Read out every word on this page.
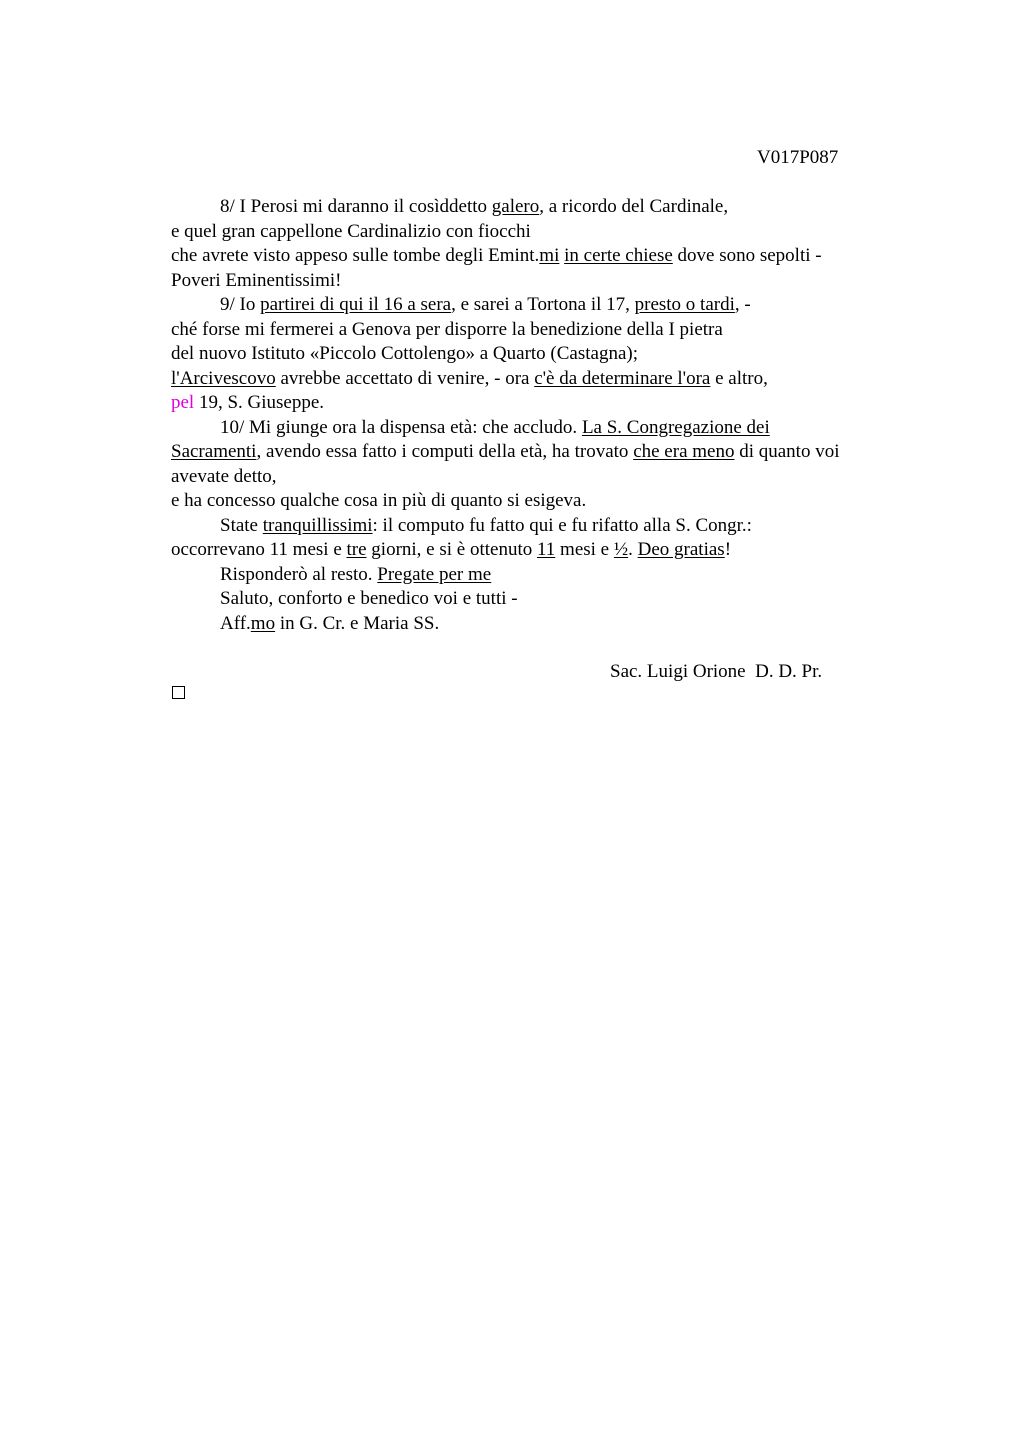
V017P087
8/ I Perosi mi daranno il cosìddetto galero, a ricordo del Cardinale,
e quel gran cappellone Cardinalizio con fiocchi
che avrete visto appeso sulle tombe degli Emint.mi in certe chiese dove sono sepolti -
Poveri Eminentissimi!
9/ Io partirei di qui il 16 a sera, e sarei a Tortona il 17, presto o tardi, -
ché forse mi fermerei a Genova per disporre la benedizione della I pietra
del nuovo Istituto «Piccolo Cottolengo» a Quarto (Castagna);
l'Arcivescovo avrebbe accettato di venire, - ora c'è da determinare l'ora e altro,
pel 19, S. Giuseppe.
10/ Mi giunge ora la dispensa età: che accludo. La S. Congregazione dei
Sacramenti, avendo essa fatto i computi della età, ha trovato che era meno di quanto voi
avevate detto,
e ha concesso qualche cosa in più di quanto si esigeva.
State tranquillissimi: il computo fu fatto qui e fu rifatto alla S. Congr.:
occorrevano 11 mesi e tre giorni, e si è ottenuto 11 mesi e ½. Deo gratias!
Risponderò al resto. Pregate per me
Saluto, conforto e benedico voi e tutti -
Aff.mo in G. Cr. e Maria SS.
Sac. Luigi Orione  D. D. Pr.
